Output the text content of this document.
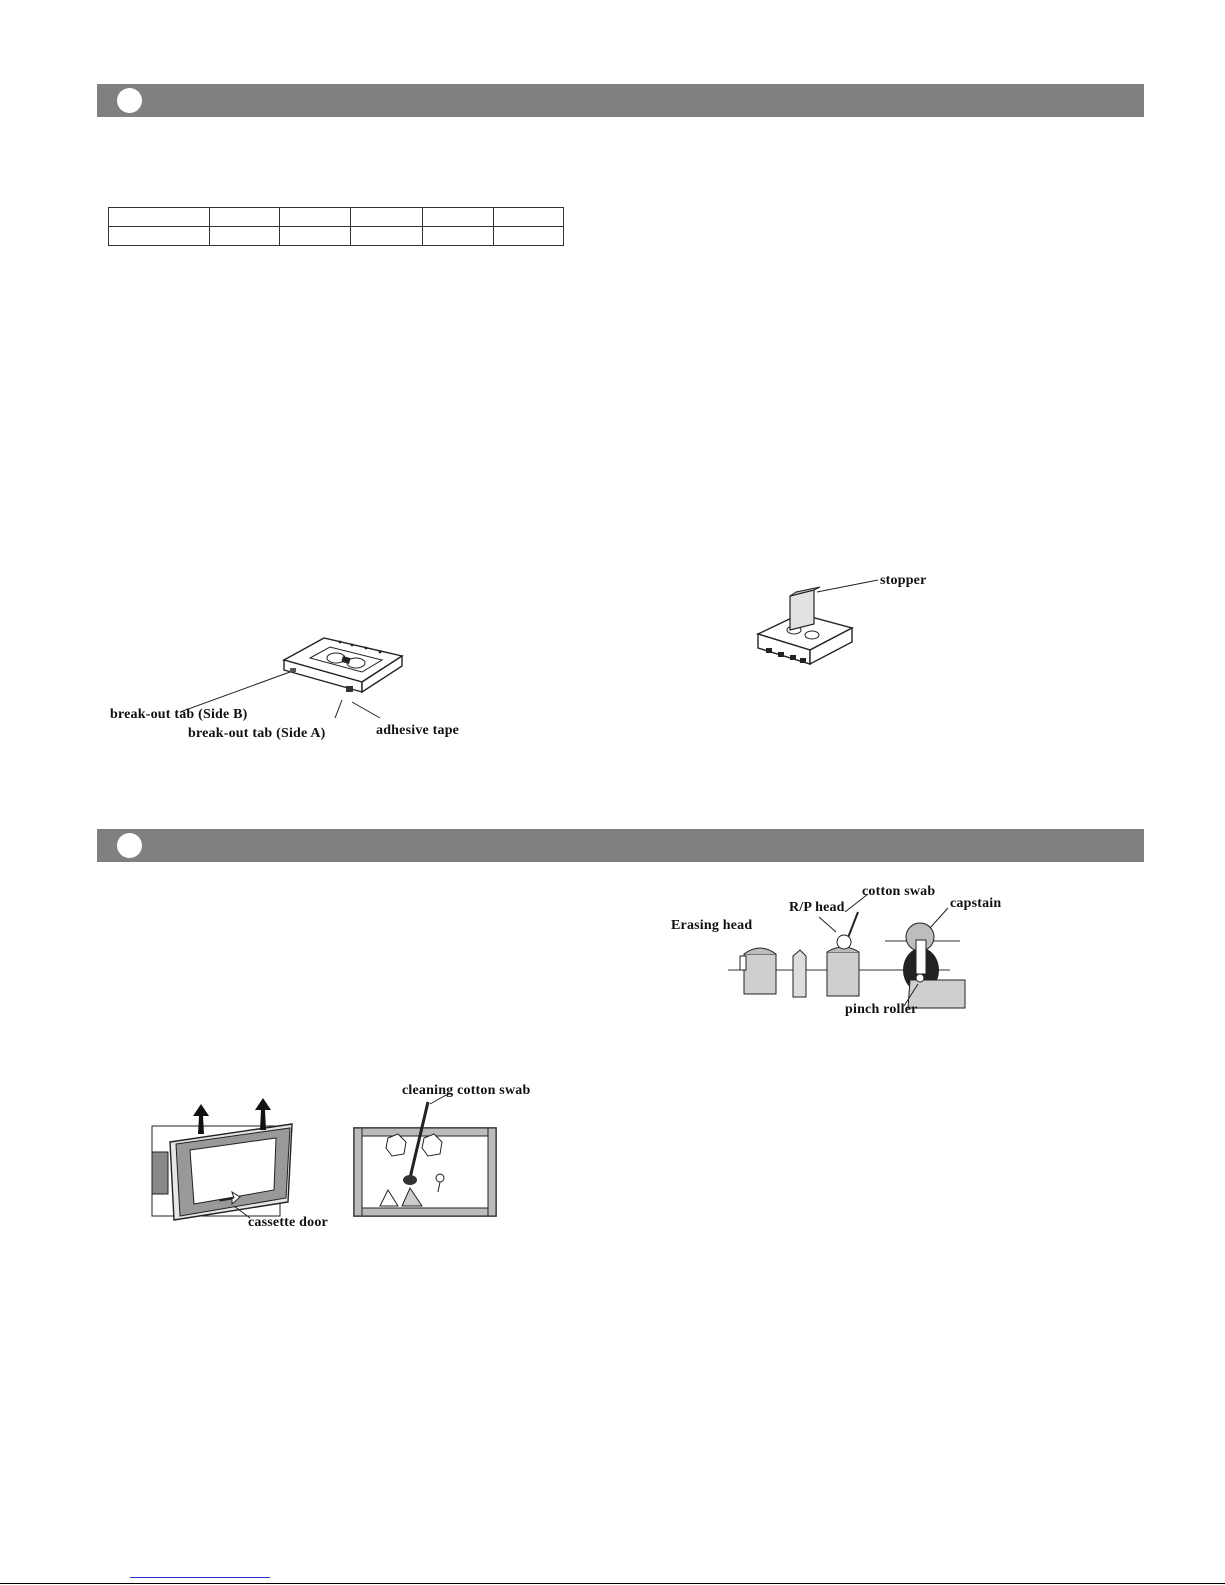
break-out tab (Side B)
break-out tab (Side A)	adhesive tape
stopper
cotton swab
R/P head	capstain
Erasing head
pinch roller
cleaning cotton swab
cassette door
